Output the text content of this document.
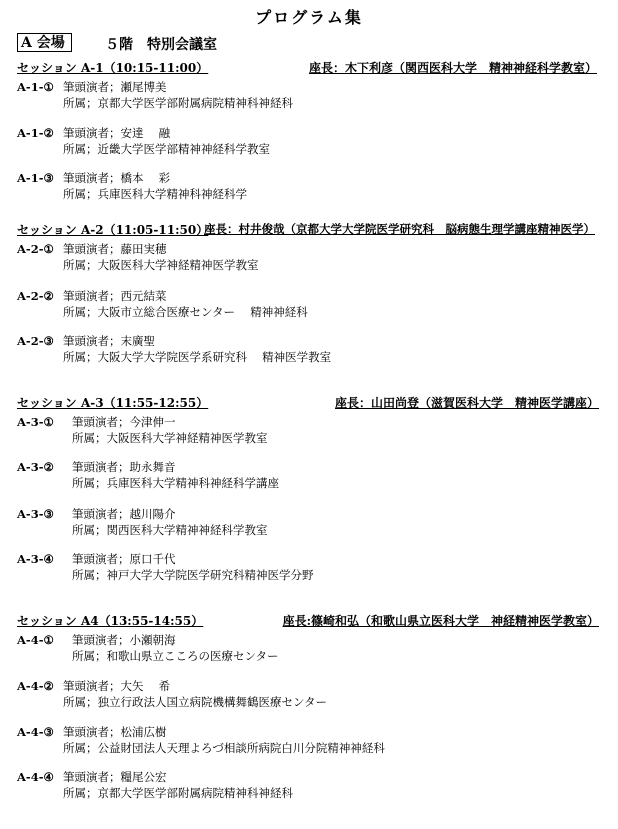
プログラム集
A 会場	５階　特別会議室
セッション A-1（10:15-11:00）	座長：木下利彦（関西医科大学　精神神経科学教室）
A-1-① 筆頭演者；瀬尾博美
所属；京都大学医学部附属病院精神科神経科
A-1-② 筆頭演者；安達　 融
所属；近畿大学医学部精神神経科学教室
A-1-③ 筆頭演者；橋本　 彩
所属；兵庫医科大学精神科神経科学
セッション A-2（11:05-11:50）
座長：村井俊哉（京都大学大学院医学研究科　脳病態生理学講座精神医学）
A-2-① 筆頭演者；藤田実穂
所属；大阪医科大学神経精神医学教室
A-2-② 筆頭演者；西元結菜
所属；大阪市立総合医療センター　 精神神経科
A-2-③ 筆頭演者；末廣聖
所属；大阪大学大学院医学系研究科　 精神医学教室
セッション A-3（11:55-12:55）	座長：山田尚登（滋賀医科大学　精神医学講座）
A-3-① 筆頭演者；今津伸一
所属；大阪医科大学神経精神医学教室
A-3-② 筆頭演者；助永舞音
所属；兵庫医科大学精神科神経科学講座
A-3-③ 筆頭演者；越川陽介
所属；関西医科大学精神神経科学教室
A-3-④ 筆頭演者；原口千代
所属；神戸大学大学院医学研究科精神医学分野
セッション A4（13:55-14:55）	座長:篠崎和弘（和歌山県立医科大学　神経精神医学教室）
A-4-① 筆頭演者；小瀬朝海
所属；和歌山県立こころの医療センター
A-4-② 筆頭演者；大矢　 希
所属；独立行政法人国立病院機構舞鶴医療センター
A-4-③ 筆頭演者；松浦広樹
所属；公益財団法人天理よろづ相談所病院白川分院精神神経科
A-4-④ 筆頭演者；糧尾公宏
所属；京都大学医学部附属病院精神科神経科
